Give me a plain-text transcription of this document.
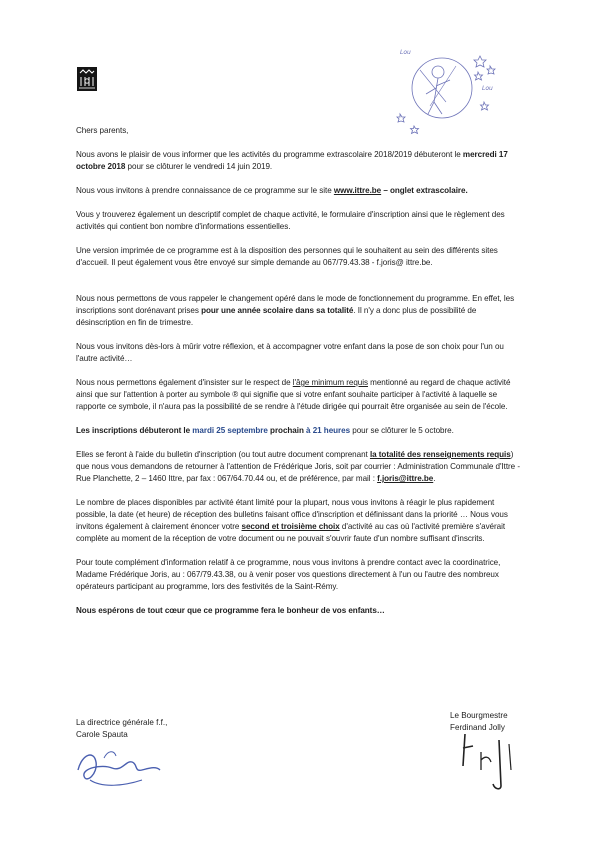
Lou
Lou

Chers parents,

Nous avons le plaisir de vous informer que les activités du programme extrascolaire 2018/2019 débuteront le mercredi 17 octobre 2018 pour se clôturer le vendredi 14 juin 2019.

Nous vous invitons à prendre connaissance de ce programme sur le site www.ittre.be – onglet extrascolaire.

Vous y trouverez également un descriptif complet de chaque activité, le formulaire d'inscription ainsi que le règlement des activités qui contient bon nombre d'informations essentielles.

Une version imprimée de ce programme est à la disposition des personnes qui le souhaitent au sein des différents sites d'accueil. Il peut également vous être envoyé sur simple demande au 067/79.43.38 - f.joris@ ittre.be.

Nous nous permettons de vous rappeler le changement opéré dans le mode de fonctionnement du programme. En effet, les inscriptions sont dorénavant prises pour une année scolaire dans sa totalité. Il n'y a donc plus de possibilité de désinscription en fin de trimestre.

Nous vous invitons dès-lors à mûrir votre réflexion, et à accompagner votre enfant dans la pose de son choix pour l'un ou l'autre activité…

Nous nous permettons également d'insister sur le respect de l'âge minimum requis mentionné au regard de chaque activité ainsi que sur l'attention à porter au symbole ® qui signifie que si votre enfant souhaite participer à l'activité à laquelle se rapporte ce symbole, il n'aura pas la possibilité de se rendre à l'étude dirigée qui pourrait être organisée au sein de l'école.

Les inscriptions débuteront le mardi 25 septembre prochain à 21 heures pour se clôturer le 5 octobre.

Elles se feront à l'aide du bulletin d'inscription (ou tout autre document comprenant la totalité des renseignements requis) que nous vous demandons de retourner à l'attention de Frédérique Joris, soit par courrier : Administration Communale d'Ittre - Rue Planchette, 2 – 1460 Ittre, par fax : 067/64.70.44 ou, et de préférence, par mail : f.joris@ittre.be.

Le nombre de places disponibles par activité étant limité pour la plupart, nous vous invitons à réagir le plus rapidement possible, la date (et heure) de réception des bulletins faisant office d'inscription et définissant dans la priorité … Nous vous invitons également à clairement énoncer votre second et troisième choix d'activité au cas où l'activité première s'avérait complète au moment de la réception de votre document ou ne pouvait s'ouvrir faute d'un nombre suffisant d'inscrits.

Pour toute complément d'information relatif à ce programme, nous vous invitons à prendre contact avec la coordinatrice, Madame Frédérique Joris, au : 067/79.43.38, ou à venir poser vos questions directement à l'un ou l'autre des nombreux opérateurs participant au programme, lors des festivités de la Saint-Rémy.

Nous espérons de tout cœur que ce programme fera le bonheur de vos enfants…

La directrice générale f.f.,
Carole Spauta
Le Bourgmestre
Ferdinand Jolly
